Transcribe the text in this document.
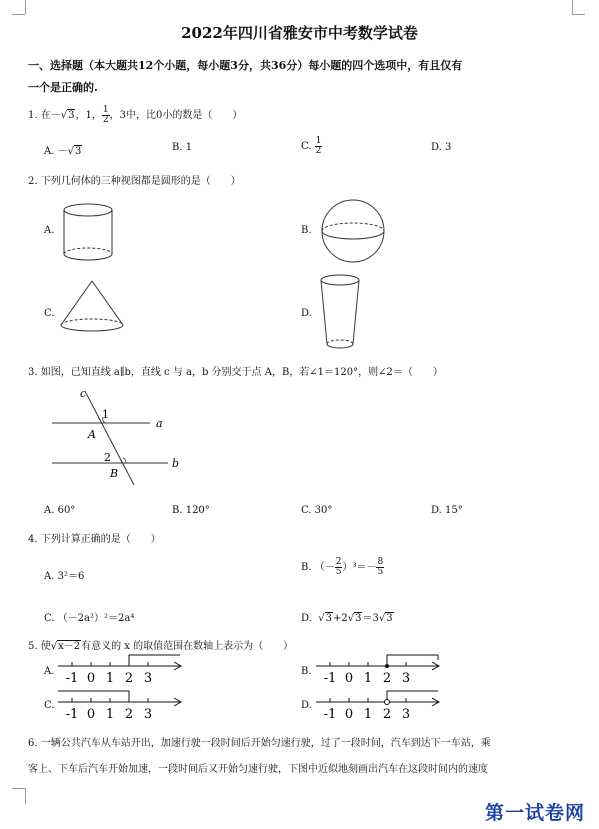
2022年四川省雅安市中考数学试卷
一、选择题（本大题共12个小题，每小题3分，共36分）每小题的四个选项中，有且仅有
一个是正确的.
1. 在－√3，1， $\frac{1}{2}$ ，3中，比0小的数是（　　）
A. －√3	B. 1	C. $\frac{1}{2}$	D. 3
2. 下列几何体的三种视图都是圆形的是（　　）
A.	B.
C.	D.
3. 如图，已知直线 a∥b，直线 c 与 a，b 分别交于点 A，B，若∠1＝120°，则∠2＝（　　）
c
1
A
a
2
B
b
A. 60°	B. 120°	C. 30°	D. 15°
4. 下列计算正确的是（　　）
A. 3²＝6
B. （－ $\frac{2}{5} )^3=- \frac{8}{5}$
C. （－2a²）²＝2a⁴	D.  √3+2√3＝3√3
5. 使√x－2有意义的 x 的取值范围在数轴上表示为（　　）
A. -1 0 1 2 3	B. -1 0 1 2 3
C.
-1 0 1 2 3
D.
-1 0 1 2 3
6. 一辆公共汽车从车站开出，加速行驶一段时间后开始匀速行驶，过了一段时间，汽车到达下一车站，乘
客上、下车后汽车开始加速，一段时间后又开始匀速行驶，下图中近似地刻画出汽车在这段时间内的速度
第一试卷网
